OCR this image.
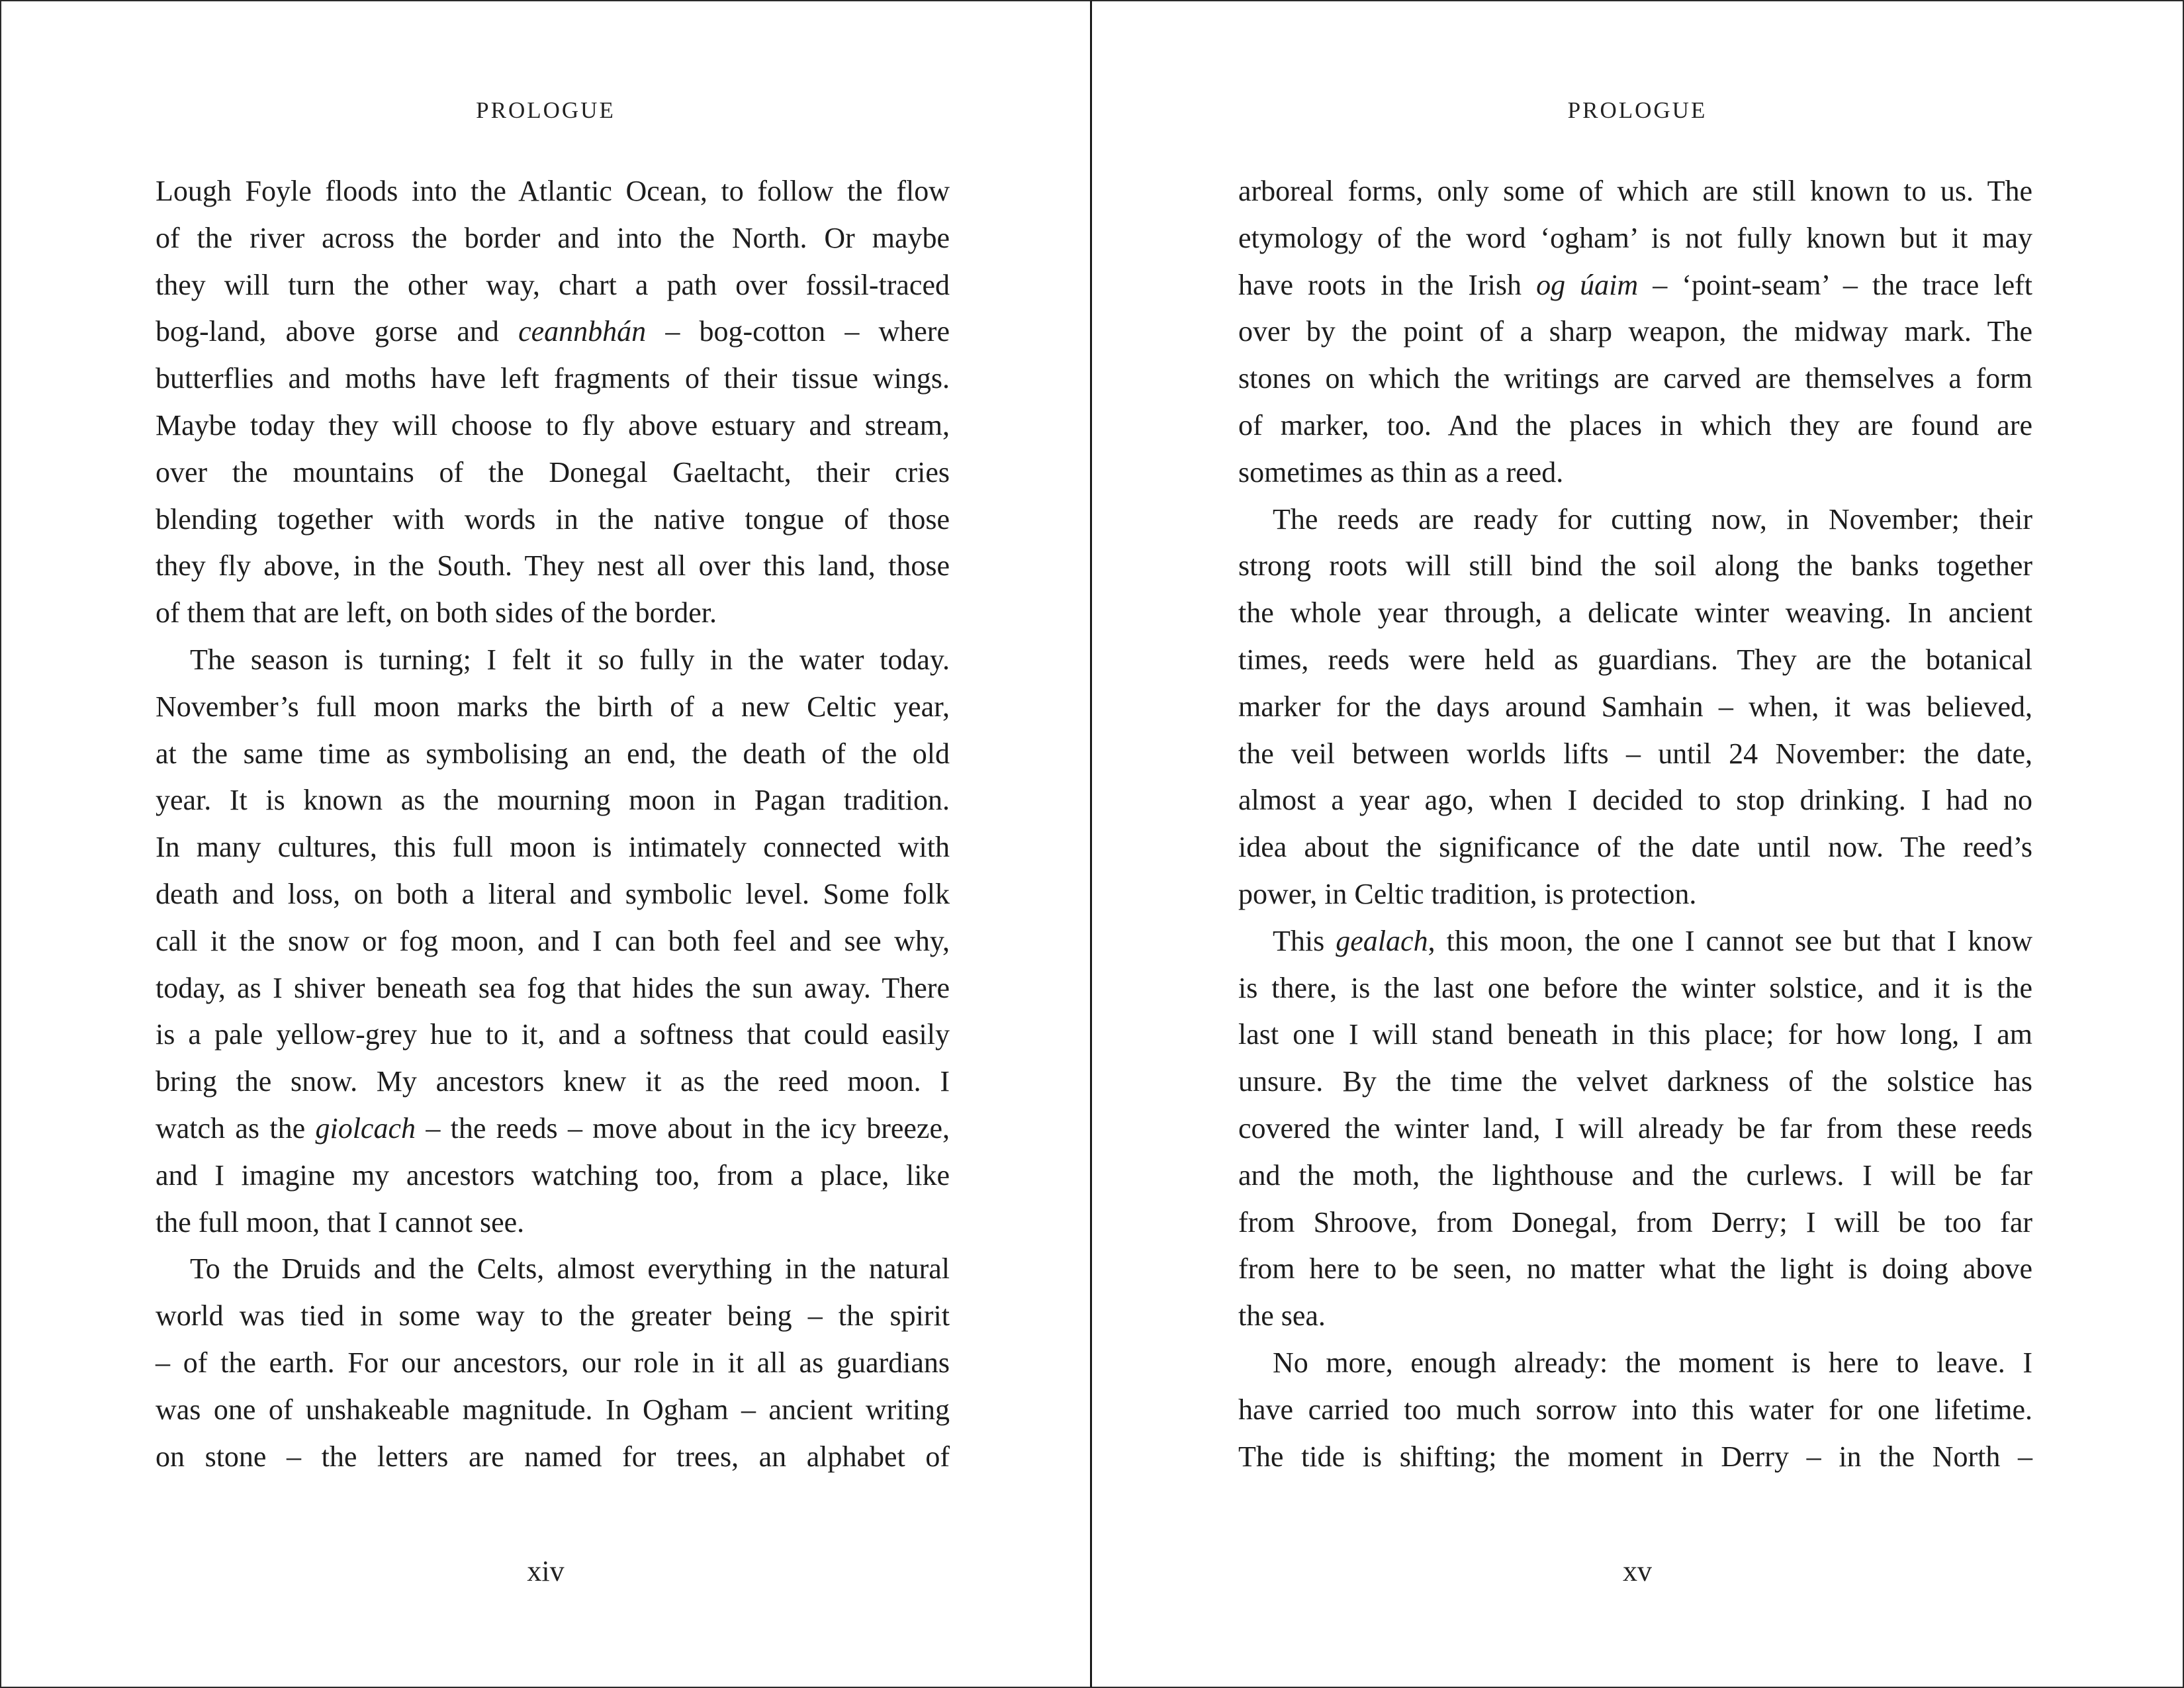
PROLOGUE
Lough Foyle floods into the Atlantic Ocean, to follow the flow
of the river across the border and into the North. Or maybe
they will turn the other way, chart a path over fossil-traced
bog-land, above gorse and ceannbhán – bog-cotton – where
butterflies and moths have left fragments of their tissue wings.
Maybe today they will choose to fly above estuary and stream,
over the mountains of the Donegal Gaeltacht, their cries
blending together with words in the native tongue of those
they fly above, in the South. They nest all over this land, those
of them that are left, on both sides of the border.
The season is turning; I felt it so fully in the water today.
November’s full moon marks the birth of a new Celtic year,
at the same time as symbolising an end, the death of the old
year. It is known as the mourning moon in Pagan tradition.
In many cultures, this full moon is intimately connected with
death and loss, on both a literal and symbolic level. Some folk
call it the snow or fog moon, and I can both feel and see why,
today, as I shiver beneath sea fog that hides the sun away. There
is a pale yellow-grey hue to it, and a softness that could easily
bring the snow. My ancestors knew it as the reed moon. I
watch as the giolcach – the reeds – move about in the icy breeze,
and I imagine my ancestors watching too, from a place, like
the full moon, that I cannot see.
To the Druids and the Celts, almost everything in the natural
world was tied in some way to the greater being – the spirit
– of the earth. For our ancestors, our role in it all as guardians
was one of unshakeable magnitude. In Ogham – ancient writing
on stone – the letters are named for trees, an alphabet of
xiv
PROLOGUE
arboreal forms, only some of which are still known to us. The
etymology of the word ‘ogham’ is not fully known but it may
have roots in the Irish og úaim – ‘point-seam’ – the trace left
over by the point of a sharp weapon, the midway mark. The
stones on which the writings are carved are themselves a form
of marker, too. And the places in which they are found are
sometimes as thin as a reed.
The reeds are ready for cutting now, in November; their
strong roots will still bind the soil along the banks together
the whole year through, a delicate winter weaving. In ancient
times, reeds were held as guardians. They are the botanical
marker for the days around Samhain – when, it was believed,
the veil between worlds lifts – until 24 November: the date,
almost a year ago, when I decided to stop drinking. I had no
idea about the significance of the date until now. The reed’s
power, in Celtic tradition, is protection.
This gealach, this moon, the one I cannot see but that I know
is there, is the last one before the winter solstice, and it is the
last one I will stand beneath in this place; for how long, I am
unsure. By the time the velvet darkness of the solstice has
covered the winter land, I will already be far from these reeds
and the moth, the lighthouse and the curlews. I will be far
from Shroove, from Donegal, from Derry; I will be too far
from here to be seen, no matter what the light is doing above
the sea.
No more, enough already: the moment is here to leave. I
have carried too much sorrow into this water for one lifetime.
The tide is shifting; the moment in Derry – in the North –
xv
